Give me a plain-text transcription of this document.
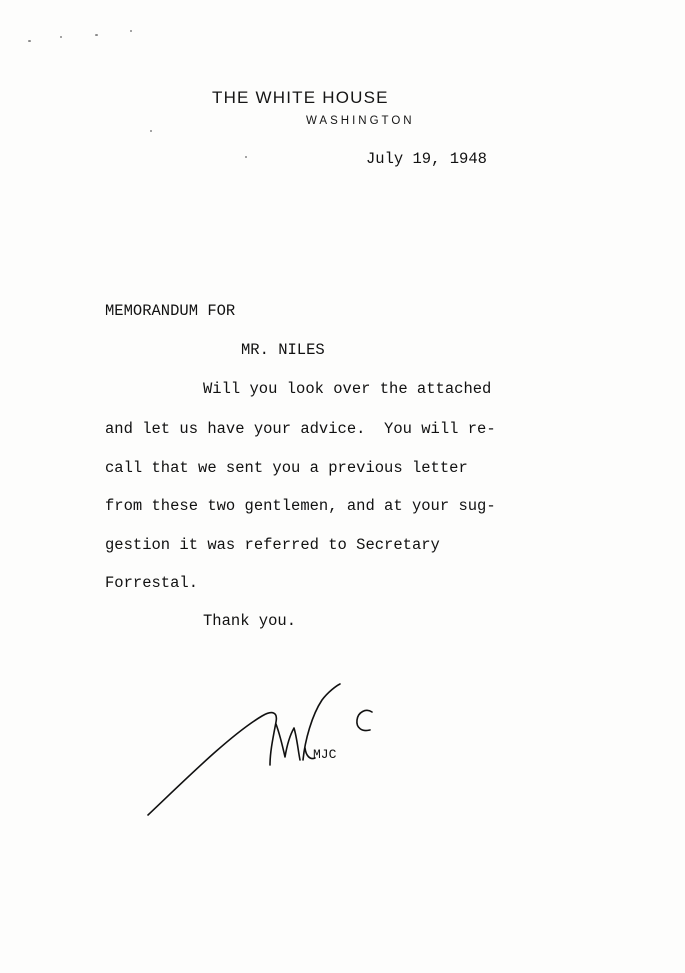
THE WHITE HOUSE
WASHINGTON
July 19, 1948
MEMORANDUM FOR
MR. NILES
Will you look over the attached
and let us have your advice.  You will re-
call that we sent you a previous letter
from these two gentlemen, and at your sug-
gestion it was referred to Secretary
Forrestal.
Thank you.
MJC
